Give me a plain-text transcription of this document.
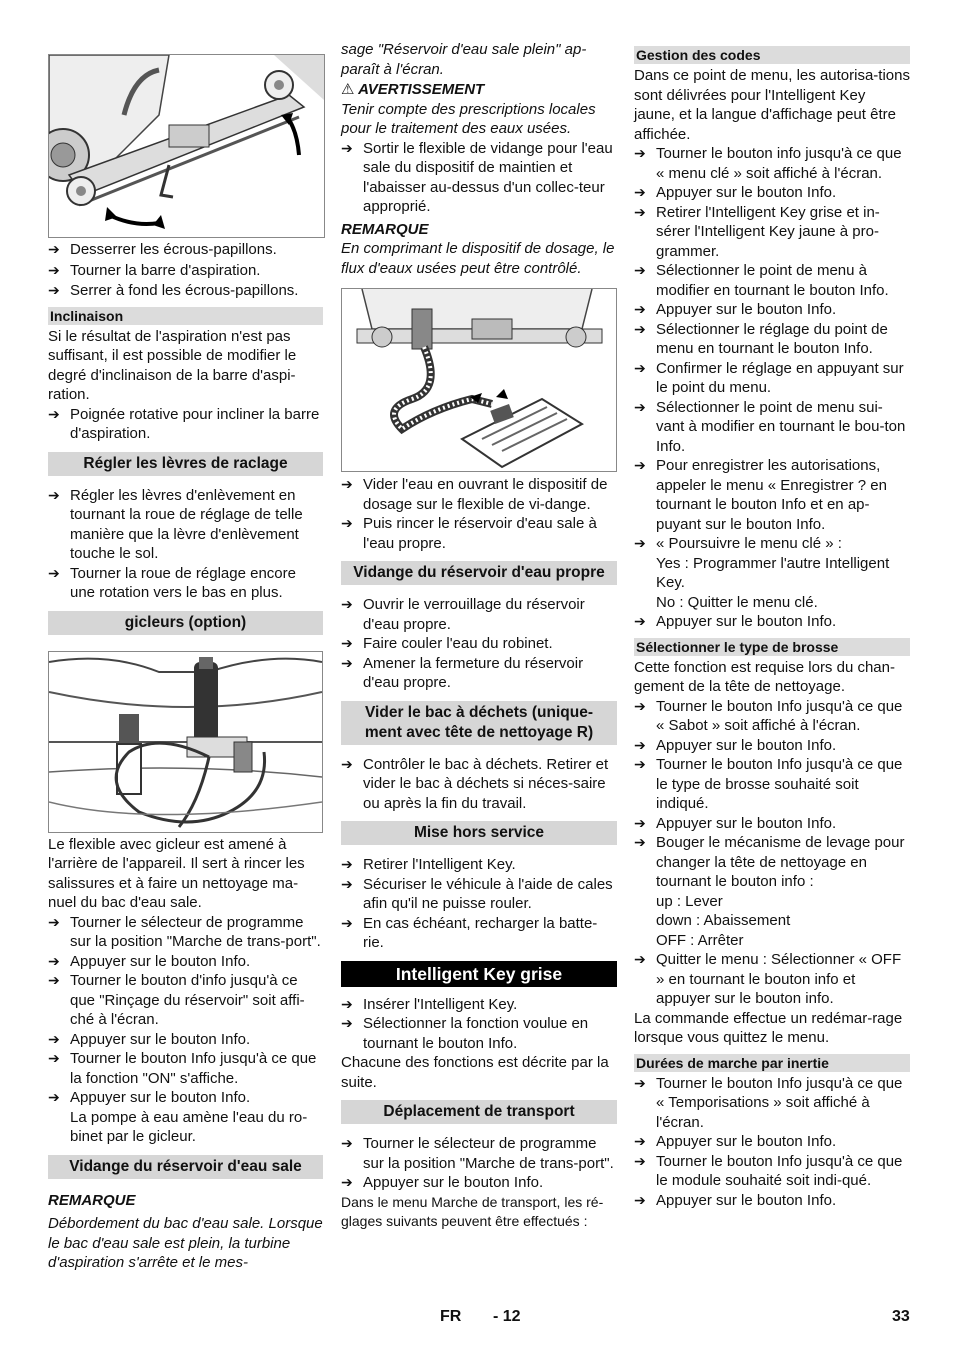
➔ Desserrer les écrous-papillons.
➔ Tourner la barre d'aspiration.
➔ Serrer à fond les écrous-papillons.
Inclinaison

Si le résultat de l'aspiration n'est pas suffisant, il est possible de modifier le degré d'inclinaison de la barre d'aspi-ration.

➔ Poignée rotative pour incliner la barre d'aspiration.
Régler les lèvres de raclage
➔ Régler les lèvres d'enlèvement en tournant la roue de réglage de telle manière que la lèvre d'enlèvement touche le sol.
➔ Tourner la roue de réglage encore une rotation vers le bas en plus.
gicleurs (option)

Le flexible avec gicleur est amené à l'arrière de l'appareil. Il sert à rincer les salissures et à faire un nettoyage ma-nuel du bac d'eau sale.

➔ Tourner le sélecteur de programme sur la position "Marche de trans-port".
➔ Appuyer sur le bouton Info.
➔ Tourner le bouton d'info jusqu'à ce que "Rinçage du réservoir" soit affi-ché à l'écran.
➔ Appuyer sur le bouton Info.
➔ Tourner le bouton Info jusqu'à ce que la fonction "ON" s'affiche.
➔ Appuyer sur le bouton Info.
La pompe à eau amène l'eau du ro-binet par le gicleur.
Vidange du réservoir d'eau sale

REMARQUE

Débordement du bac d'eau sale. Lorsque le bac d'eau sale est plein, la turbine d'aspiration s'arrête et le mes-

sage "Réservoir d'eau sale plein" ap-paraît à l'écran.

⚠ AVERTISSEMENT

Tenir compte des prescriptions locales pour le traitement des eaux usées.

➔ Sortir le flexible de vidange pour l'eau sale du dispositif de maintien et l'abaisser au-dessus d'un collec-teur approprié.

REMARQUE

En comprimant le dispositif de dosage, le flux d'eaux usées peut être contrôlé.

➔ Vider l'eau en ouvrant le dispositif de dosage sur le flexible de vi-dange.
➔ Puis rincer le réservoir d'eau sale à l'eau propre.
Vidange du réservoir d'eau propre
➔ Ouvrir le verrouillage du réservoir d'eau propre.
➔ Faire couler l'eau du robinet.
➔ Amener la fermeture du réservoir d'eau propre.
Vider le bac à déchets (unique-ment avec tête de nettoyage R)
➔ Contrôler le bac à déchets. Retirer et vider le bac à déchets si néces-saire ou après la fin du travail.
Mise hors service
➔ Retirer l'Intelligent Key.
➔ Sécuriser le véhicule à l'aide de cales afin qu'il ne puisse rouler.
➔ En cas échéant, recharger la batte-rie.
Intelligent Key grise
➔ Insérer l'Intelligent Key.
➔ Sélectionner la fonction voulue en tournant le bouton Info.

Chacune des fonctions est décrite par la suite.

Déplacement de transport
➔ Tourner le sélecteur de programme sur la position "Marche de trans-port".
➔ Appuyer sur le bouton Info.

Dans le menu Marche de transport, les ré-glages suivants peuvent être effectués :

Gestion des codes

Dans ce point de menu, les autorisa-tions sont délivrées pour l'Intelligent Key jaune, et la langue d'affichage peut être affichée.

➔ Tourner le bouton info jusqu'à ce que « menu clé » soit affiché à l'écran.
➔ Appuyer sur le bouton Info.
➔ Retirer l'Intelligent Key grise et in-sérer l'Intelligent Key jaune à pro-grammer.
➔ Sélectionner le point de menu à modifier en tournant le bouton Info.
➔ Appuyer sur le bouton Info.
➔ Sélectionner le réglage du point de menu en tournant le bouton Info.
➔ Confirmer le réglage en appuyant sur le point du menu.
➔ Sélectionner le point de menu sui-vant à modifier en tournant le bou-ton Info.
➔ Pour enregistrer les autorisations, appeler le menu « Enregistrer ? en tournant le bouton Info et en ap-puyant sur le bouton Info.
➔ « Poursuivre le menu clé » :
Yes : Programmer l'autre Intelligent Key.
No : Quitter le menu clé.
➔ Appuyer sur le bouton Info.
Sélectionner le type de brosse

Cette fonction est requise lors du chan-gement de la tête de nettoyage.

➔ Tourner le bouton Info jusqu'à ce que « Sabot » soit affiché à l'écran.
➔ Appuyer sur le bouton Info.
➔ Tourner le bouton Info jusqu'à ce que le type de brosse souhaité soit indiqué.
➔ Appuyer sur le bouton Info.
➔ Bouger le mécanisme de levage pour changer la tête de nettoyage en tournant le bouton info :
up : Lever
down : Abaissement
OFF : Arrêter
➔ Quitter le menu : Sélectionner « OFF » en tournant le bouton info et appuyer sur le bouton info.

La commande effectue un redémar-rage lorsque vous quittez le menu.

Durées de marche par inertie
➔ Tourner le bouton Info jusqu'à ce que « Temporisations » soit affiché à l'écran.
➔ Appuyer sur le bouton Info.
➔ Tourner le bouton Info jusqu'à ce que le module souhaité soit indi-qué.
➔ Appuyer sur le bouton Info.
FR - 12	33
